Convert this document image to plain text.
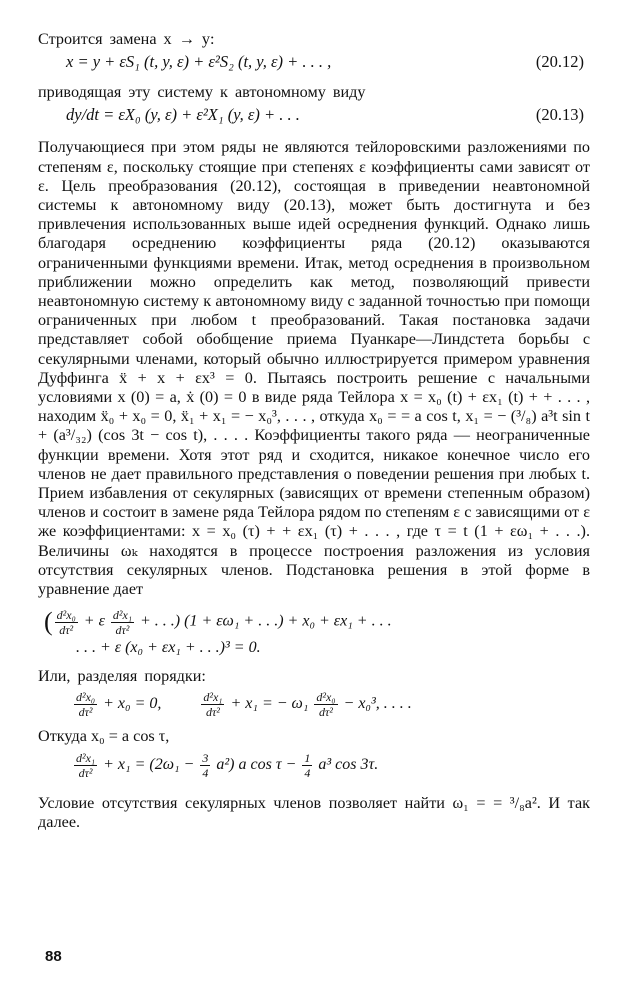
Строится замена x → y:

x = y + εS₁ (t, y, ε) + ε²S₂ (t, y, ε) + . . . ,	(20.12)

приводящая эту систему к автономному виду

dy/dt = εX₀ (y, ε) + ε²X₁ (y, ε) + . . .	(20.13)

Получающиеся при этом ряды не являются тейлоровскими разложениями по степеням ε, поскольку стоящие при степенях ε коэффициенты сами зависят от ε. Цель преобразования (20.12), состоящая в приведении неавтономной системы к автономному виду (20.13), может быть достигнута и без привлечения использованных выше идей осреднения функций. Однако лишь благодаря осреднению коэффициенты ряда (20.12) оказываются ограниченными функциями времени. Итак, метод осреднения в произвольном приближении можно определить как метод, позволяющий привести неавтономную систему к автономному виду с заданной точностью при помощи ограниченных при любом t преобразований. Такая постановка задачи представляет собой обобщение приема Пуанкаре—Линдстета борьбы с секулярными членами, который обычно иллюстрируется примером уравнения Дуффинга ẍ + x + εx³ = 0. Пытаясь построить решение с начальными условиями x (0) = a, ẋ (0) = 0 в виде ряда Тейлора x = x₀ (t) + εx₁ (t) + + . . . , находим ẍ₀ + x₀ = 0, ẍ₁ + x₁ = − x₀³, . . . , откуда x₀ = = a cos t, x₁ = − (³/₈) a³t sin t + (a³/₃₂) (cos 3t − cos t), . . . . Коэффициенты такого ряда — неограниченные функции времени. Хотя этот ряд и сходится, никакое конечное число его членов не дает правильного представления о поведении решения при любых t. Прием избавления от секулярных (зависящих от времени степенным образом) членов и состоит в замене ряда Тейлора рядом по степеням ε с зависящими от ε же коэффициентами: x = x₀ (τ) + + εx₁ (τ) + . . . , где τ = t (1 + εω₁ + . . .). Величины ωₖ находятся в процессе построения разложения из условия отсутствия секулярных членов. Подстановка решения в этой форме в уравнение дает

( $\frac{\text{d²x₀}}{\text{dτ²}} + \varepsilon \frac{\text{d²x₁}}{\text{dτ²}}$ + . . .) (1 + εω₁ + . . .) + x₀ + εx₁ + . . .
. . . + ε (x₀ + εx₁ + . . .)³ = 0.

Или, разделяя порядки:

$\frac{\text{d²x₀}}{\text{dτ²}} + x_0 = 0$,	$\frac{\text{d²x₁}}{\text{dτ²}} + x_1$ = − $\omega_1 \frac{\text{d²x₀}}{\text{dτ²}} - x_0^3$, . . . .

Откуда x₀ = a cos τ,

$\frac{\text{d²x₁}}{\text{dτ²}} + x_1 = (2\omega_1 - \frac{3}{4} a^2)$ a $\cos \tau - \frac{1}{4} a^3$ cos 3τ.

Условие отсутствия секулярных членов позволяет найти ω₁ = = ³/₈a². И так далее.

88
